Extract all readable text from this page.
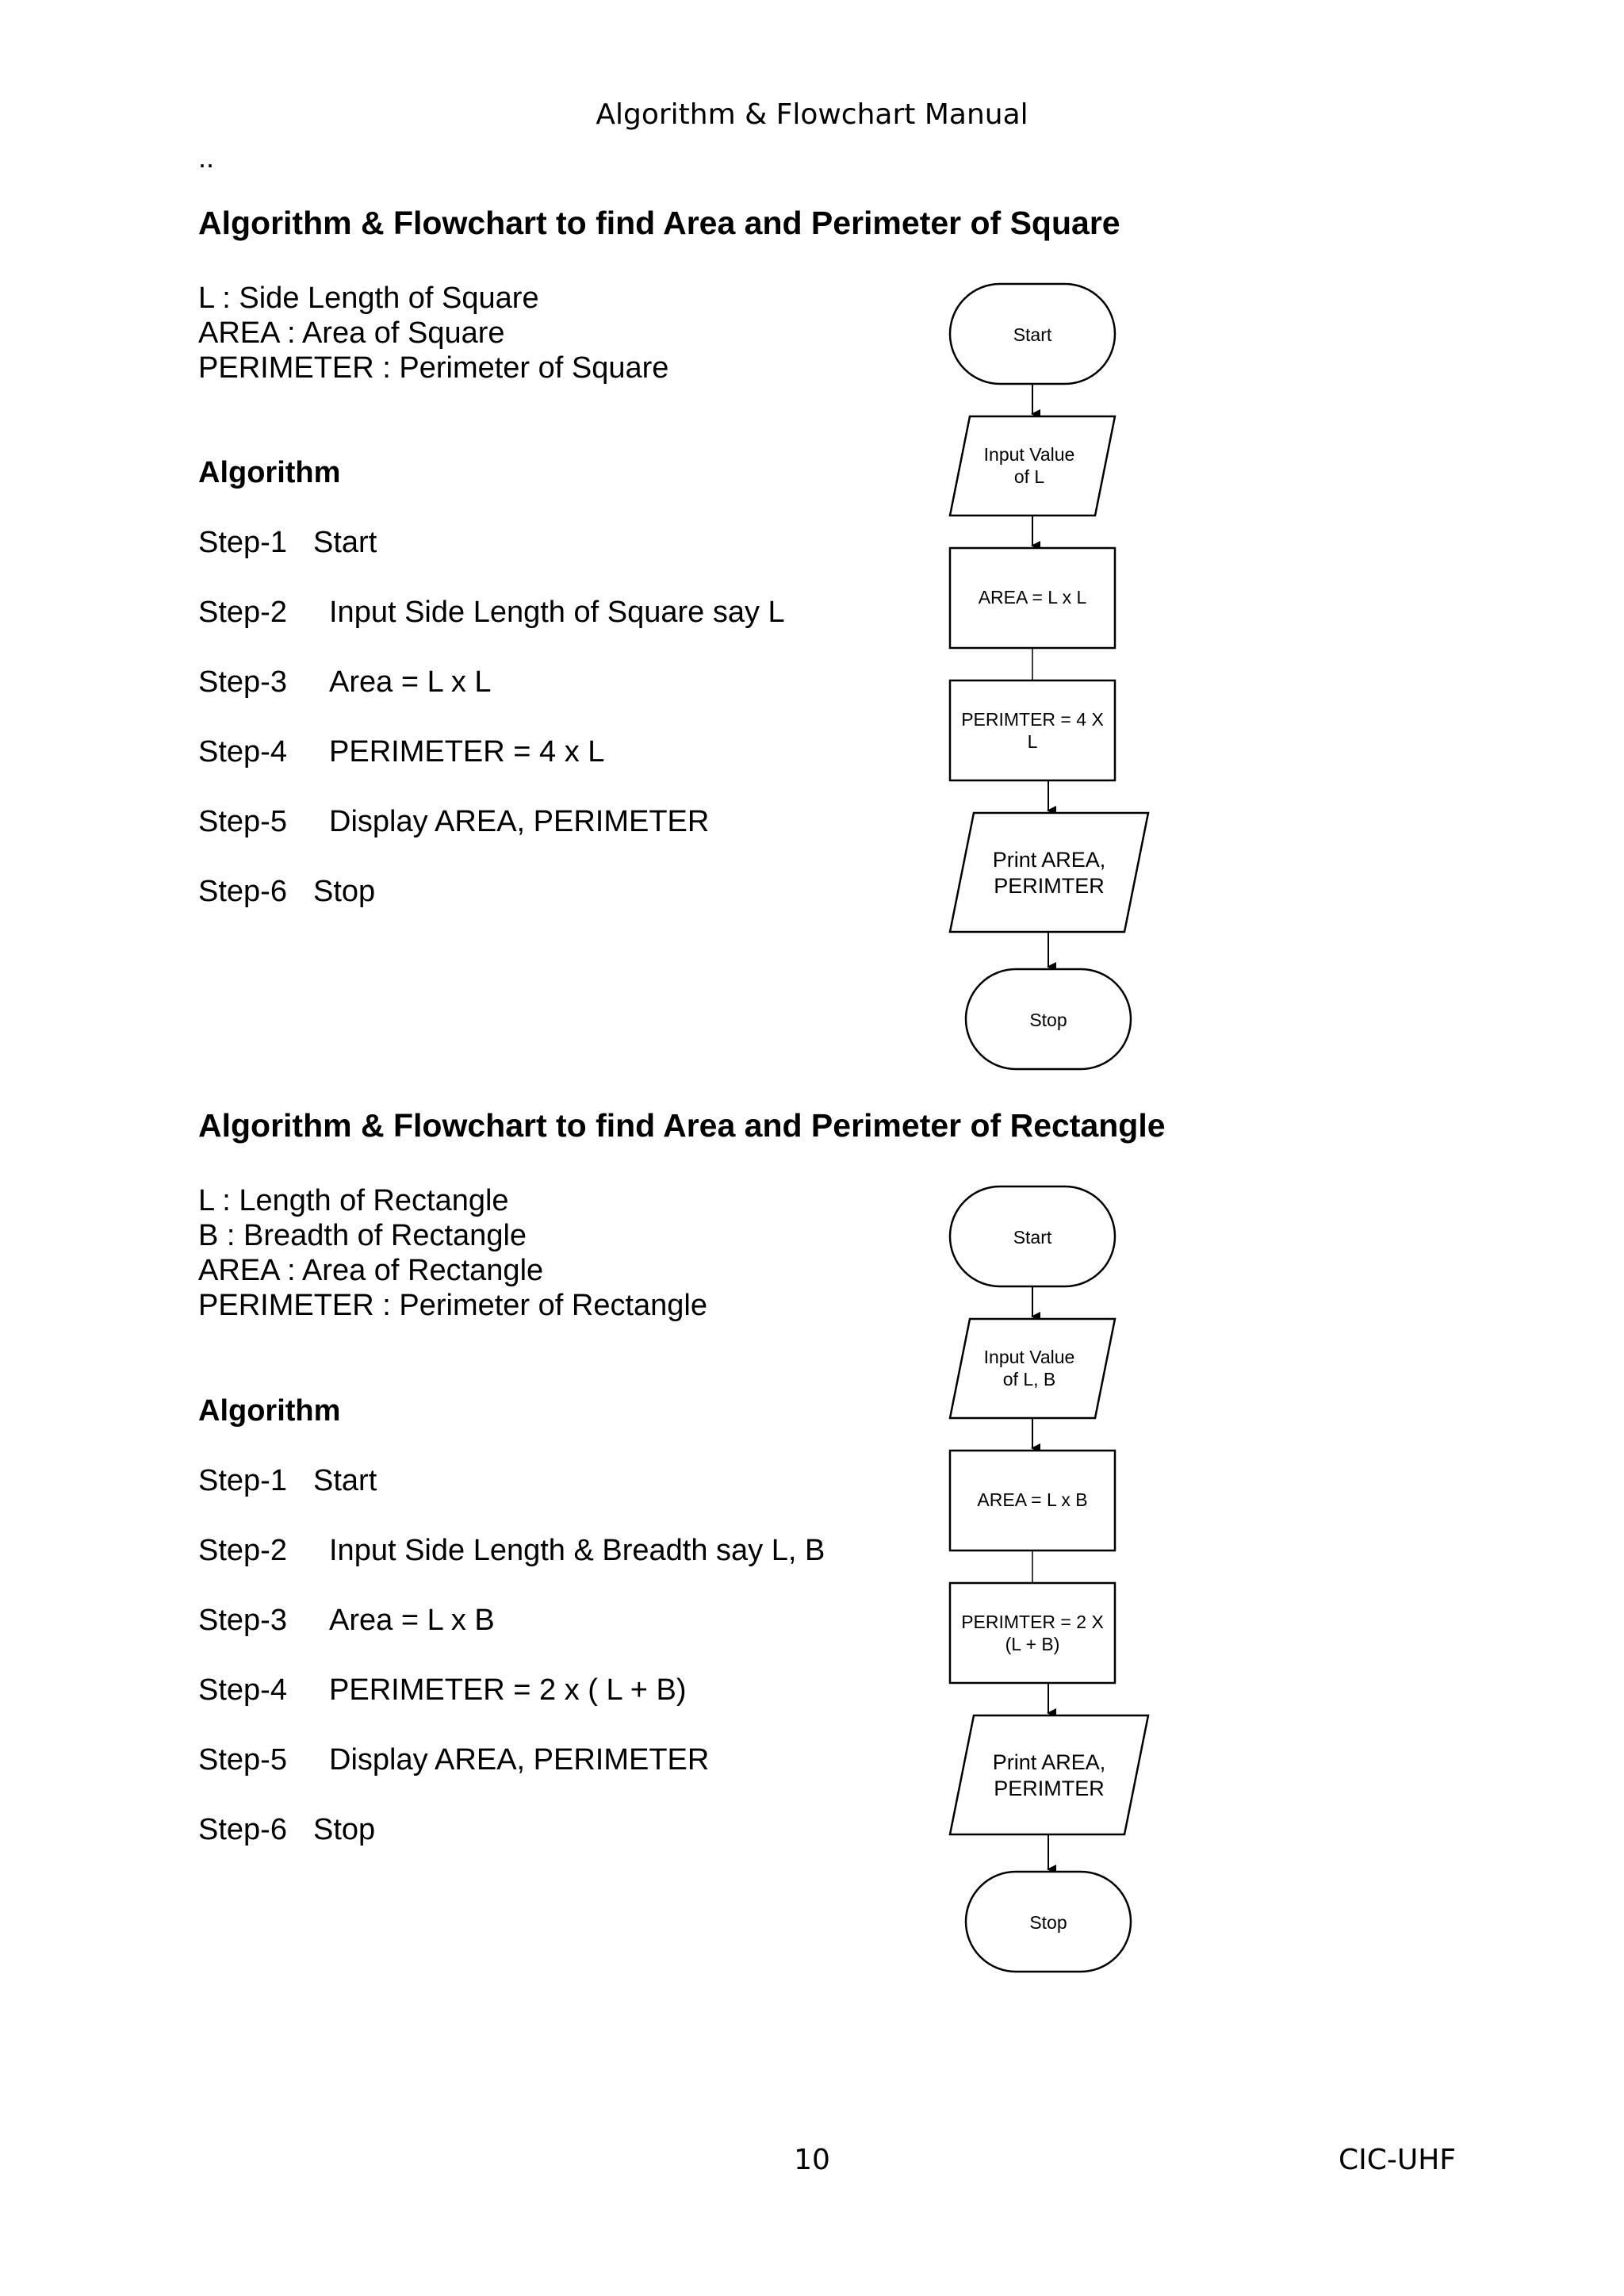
Algorithm & Flowchart Manual
..
Algorithm & Flowchart to find Area and Perimeter of Square
L : Side Length of Square
AREA : Area of Square
PERIMETER : Perimeter of Square
Algorithm
Step-1 Start
Step-2 Input Side Length of Square say L
Step-3 Area = L x L
Step-4 PERIMETER = 4 x L
Step-5 Display AREA, PERIMETER
Step-6 Stop
Start
Input Value
of L
AREA = L x L
PERIMTER = 4 X
L
Print AREA,
PERIMTER
Stop
Algorithm & Flowchart to find Area and Perimeter of Rectangle
L : Length of Rectangle
B : Breadth of Rectangle
AREA : Area of Rectangle
PERIMETER : Perimeter of Rectangle
Algorithm
Step-1 Start
Step-2 Input Side Length & Breadth say L, B
Step-3 Area = L x B
Step-4 PERIMETER = 2 x ( L + B)
Step-5 Display AREA, PERIMETER
Step-6 Stop
Start
Input Value
of L, B
AREA = L x B
PERIMTER = 2 X
(L + B)
Print AREA,
PERIMTER
Stop
10	CIC-UHF
